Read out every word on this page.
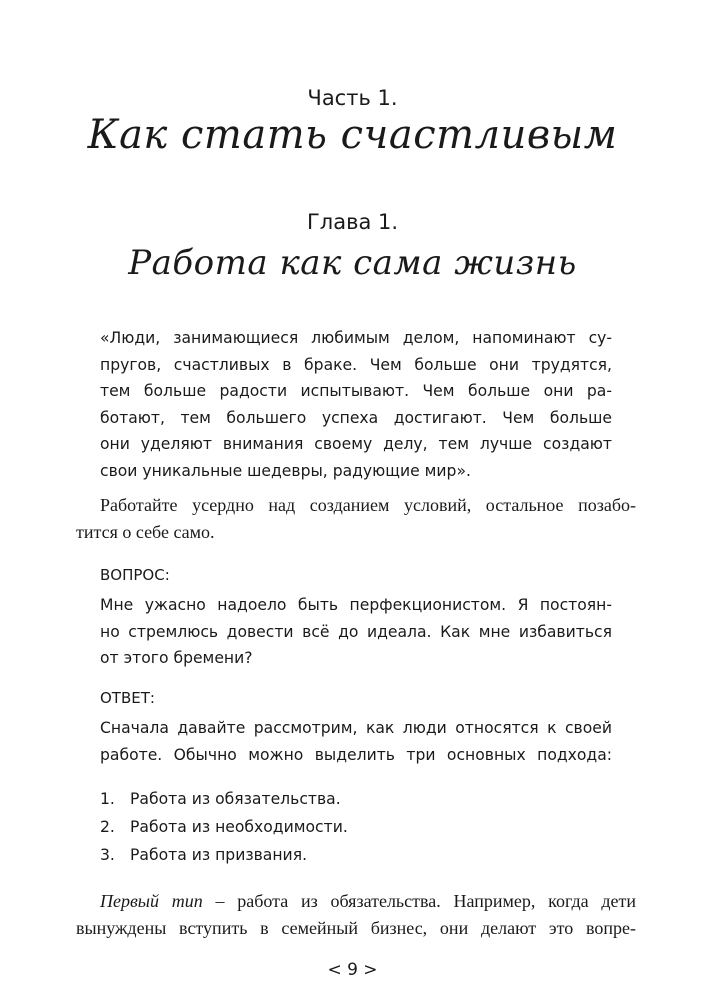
Часть 1.
Как стать счастливым
Глава 1.
Работа как сама жизнь
«Люди, занимающиеся любимым делом, напоминают су-
пругов, счастливых в браке. Чем больше они трудятся,
тем больше радости испытывают. Чем больше они ра-
ботают, тем большего успеха достигают. Чем больше
они уделяют внимания своему делу, тем лучше создают
свои уникальные шедевры, радующие мир».
Работайте усердно над созданием условий, остальное позабо-
тится о себе само.
ВОПРОС:
Мне ужасно надоело быть перфекционистом. Я постоян-
но стремлюсь довести всё до идеала. Как мне избавиться
от этого бремени?
ОТВЕТ:
Сначала давайте рассмотрим, как люди относятся к своей
работе. Обычно можно выделить три основных подхода:
1. Работа из обязательства.
2. Работа из необходимости.
3. Работа из призвания.
Первый тип – работа из обязательства. Например, когда дети
вынуждены вступить в семейный бизнес, они делают это вопре-
< 9 >
